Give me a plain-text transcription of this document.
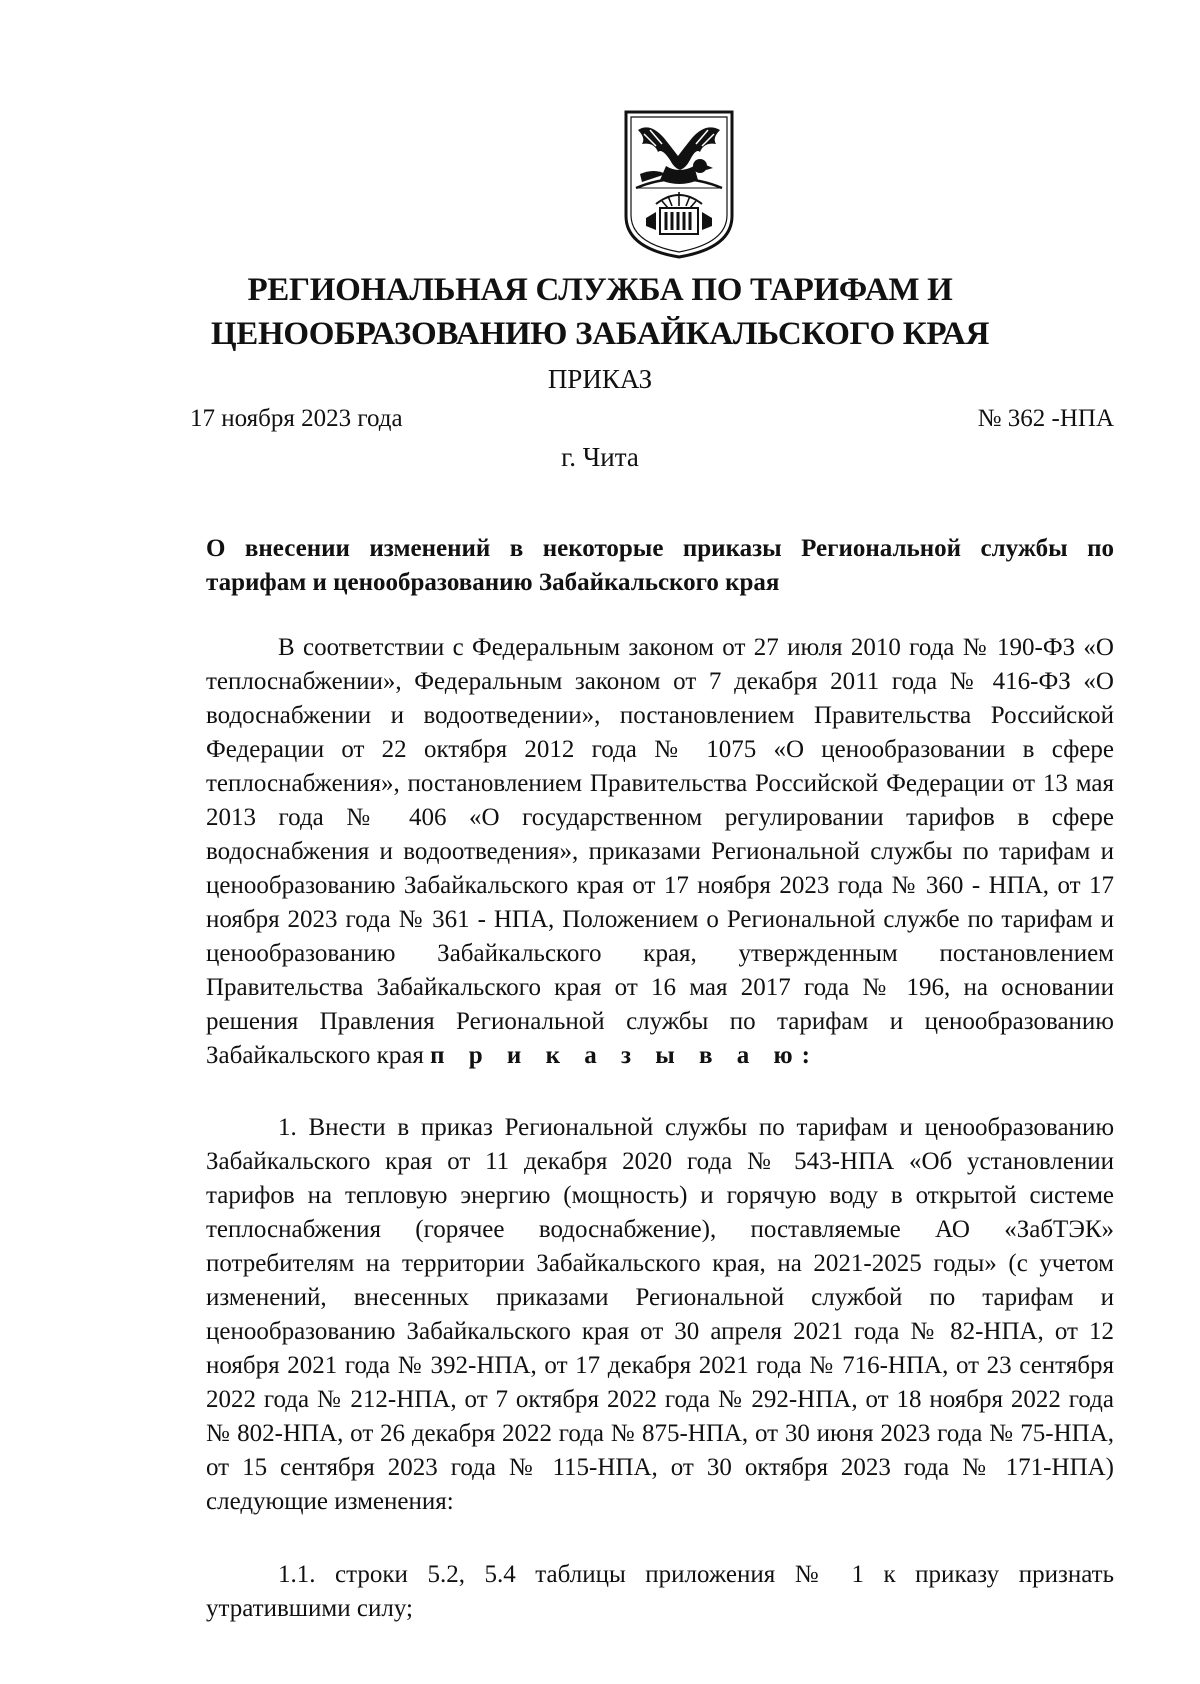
РЕГИОНАЛЬНАЯ СЛУЖБА ПО ТАРИФАМ И
ЦЕНООБРАЗОВАНИЮ ЗАБАЙКАЛЬСКОГО КРАЯ
ПРИКАЗ
17 ноября 2023 года	№ 362 -НПА
г. Чита
О внесении изменений в некоторые приказы Региональной службы по тарифам и ценообразованию Забайкальского края

В соответствии с Федеральным законом от 27 июля 2010 года № 190-ФЗ «О теплоснабжении», Федеральным законом от 7 декабря 2011 года № 416-ФЗ «О водоснабжении и водоотведении», постановлением Правительства Российской Федерации от 22 октября 2012 года № 1075 «О ценообразовании в сфере теплоснабжения», постановлением Правительства Российской Федерации от 13 мая 2013 года № 406 «О государственном регулировании тарифов в сфере водоснабжения и водоотведения», приказами Региональной службы по тарифам и ценообразованию Забайкальского края от 17 ноября 2023 года № 360 - НПА, от 17 ноября 2023 года № 361 - НПА, Положением о Региональной службе по тарифам и ценообразованию Забайкальского края, утвержденным постановлением Правительства Забайкальского края от 16 мая 2017 года № 196, на основании решения Правления Региональной службы по тарифам и ценообразованию Забайкальского края п р и к а з ы в а ю:

1. Внести в приказ Региональной службы по тарифам и ценообразованию Забайкальского края от 11 декабря 2020 года № 543-НПА «Об установлении тарифов на тепловую энергию (мощность) и горячую воду в открытой системе теплоснабжения (горячее водоснабжение), поставляемые АО «ЗабТЭК» потребителям на территории Забайкальского края, на 2021-2025 годы» (с учетом изменений, внесенных приказами Региональной службой по тарифам и ценообразованию Забайкальского края от 30 апреля 2021 года № 82-НПА, от 12 ноября 2021 года № 392-НПА, от 17 декабря 2021 года № 716-НПА, от 23 сентября 2022 года № 212-НПА, от 7 октября 2022 года № 292-НПА, от 18 ноября 2022 года № 802-НПА, от 26 декабря 2022 года № 875-НПА, от 30 июня 2023 года № 75-НПА, от 15 сентября 2023 года № 115-НПА, от 30 октября 2023 года № 171-НПА) следующие изменения:

1.1. строки 5.2, 5.4 таблицы приложения № 1 к приказу признать утратившими силу;
